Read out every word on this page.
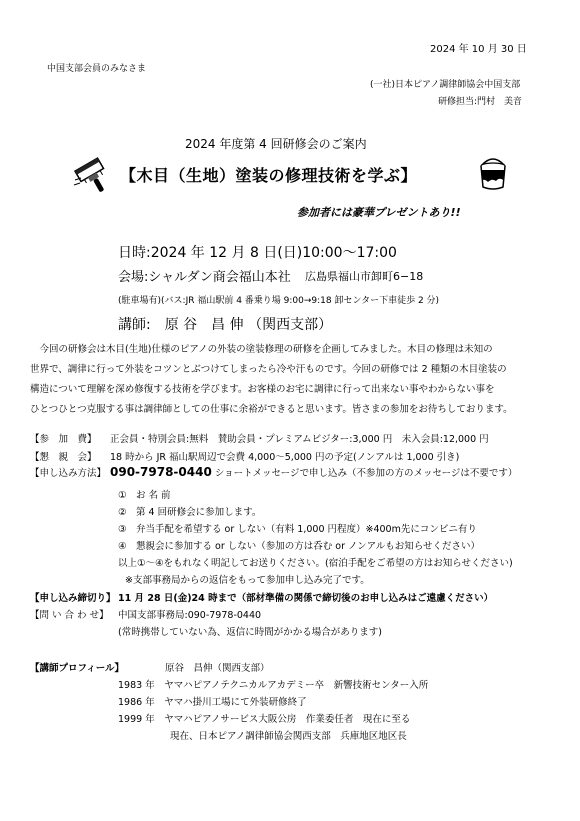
2024 年 10 月 30 日
中国支部会員のみなさま
(一社)日本ピアノ調律師協会中国支部
研修担当:門村　美音
2024 年度第 4 回研修会のご案内
【木目（生地）塗装の修理技術を学ぶ】
参加者には豪華プレゼントあり!!
日時:2024 年 12 月 8 日(日)10:00～17:00
会場:シャルダン商会福山本社 広島県福山市卸町6−18
(駐車場有)(バス:JR 福山駅前 4 番乗り場 9:00→9:18 卸センター下車徒歩 2 分)
講師:　原 谷　昌 伸 （関西支部）

　今回の研修会は木目(生地)仕様のピアノの外装の塗装修理の研修を企画してみました。木目の修理は未知の

世界で、調律に行って外装をコツンとぶつけてしまったら冷や汗ものです。今回の研修では 2 種類の木目塗装の

構造について理解を深め修復する技術を学びます。お客様のお宅に調律に行って出来ない事やわからない事を

ひとつひとつ克服する事は調律師としての仕事に余裕ができると思います。皆さまの参加をお待ちしております。

【参　加　費】 正会員・特別会員:無料　賛助会員・プレミアムビジター:3,000 円　未入会員:12,000 円
【懇　親　会】 18 時から JR 福山駅周辺で会費 4,000～5,000 円の予定(ノンアルは 1,000 引き)
【申し込み方法】 090-7978-0440 ショートメッセージで申し込み（不参加の方のメッセージは不要です）
①　お 名 前
②　第 4 回研修会に参加します。
③　弁当手配を希望する or しない（有料 1,000 円程度）※400m先にコンビニ有り
④　懇親会に参加する or しない（参加の方は呑む or ノンアルもお知らせください）
以上①～④をもれなく明記してお送りください。(宿泊手配をご希望の方はお知らせください)
※支部事務局からの返信をもって参加申し込み完了です。
【申し込み締切り】 11 月 28 日(金)24 時まで（部材準備の関係で締切後のお申し込みはご遠慮ください）
【問 い 合 わ せ】 中国支部事務局:090-7978-0440
(常時携帯していない為、返信に時間がかかる場合があります)
【講師プロフィール】	原谷　昌伸（関西支部）
1983 年　ヤマハピアノテクニカルアカデミー卒　新響技術センター入所
1986 年　ヤマハ掛川工場にて外装研修終了
1999 年　ヤマハピアノサービス大阪公房　作業委任者　現在に至る
現在、日本ピアノ調律師協会関西支部　兵庫地区地区長
